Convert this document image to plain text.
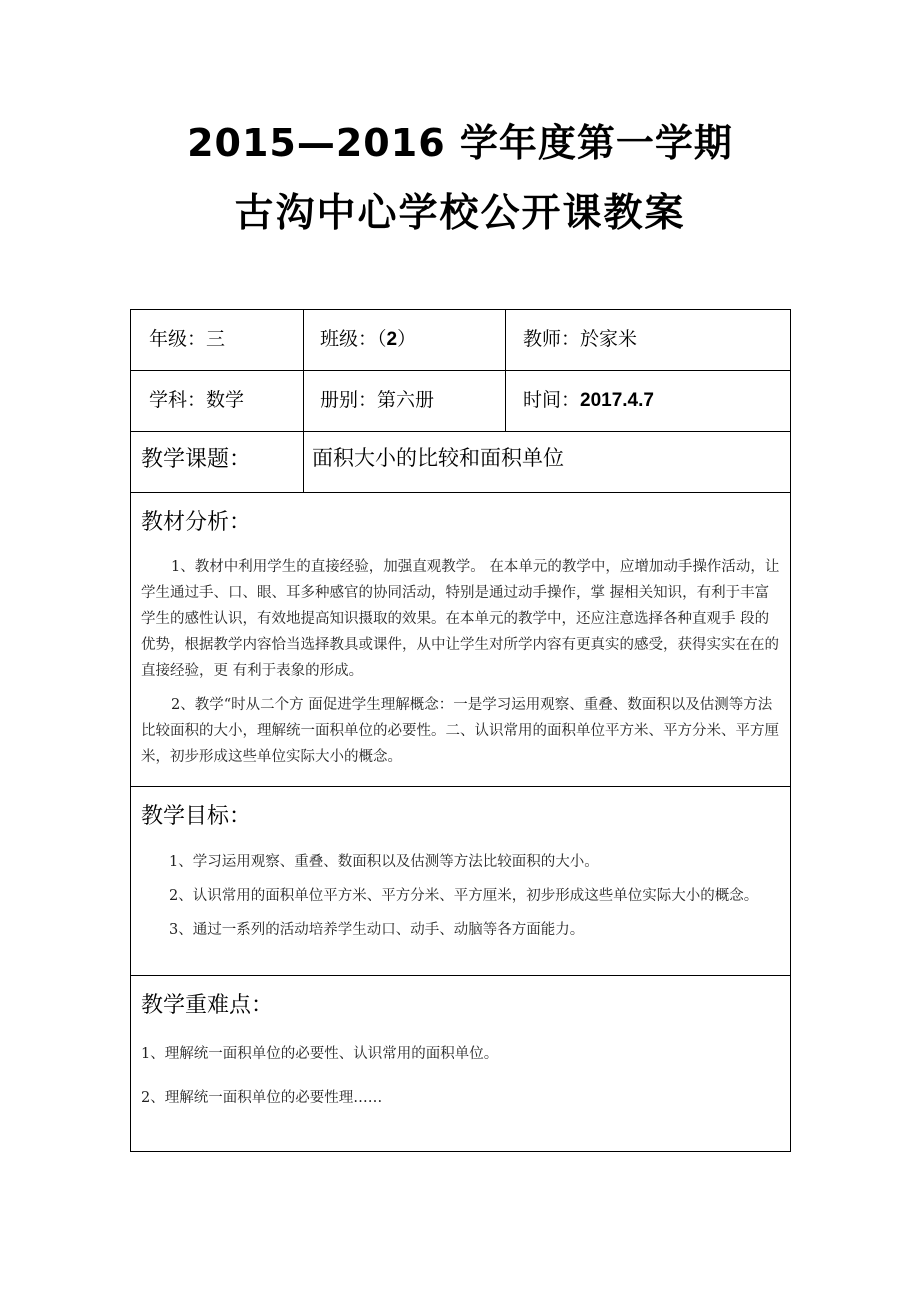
2015—2016 学年度第一学期
古沟中心学校公开课教案
年级：三	班级：（2）	教师：於家米

学科：数学	册别：第六册	时间：2017.4.7

教学课题：	面积大小的比较和面积单位	

教材分析：

1、教材中利用学生的直接经验，加强直观教学。 在本单元的教学中，应增加动手操作活动，让学生通过手、口、眼、耳多种感官的协同活动，特别是通过动手操作，掌 握相关知识，有利于丰富学生的感性认识，有效地提高知识摄取的效果。在本单元的教学中，还应注意选择各种直观手 段的优势，根据教学内容恰当选择教具或课件，从中让学生对所学内容有更真实的感受，获得实实在在的直接经验，更 有利于表象的形成。

2、教学“时从二个方 面促进学生理解概念：一是学习运用观察、重叠、数面积以及估测等方法比较面积的大小，理解统一面积单位的必要性。二、认识常用的面积单位平方米、平方分米、平方厘米，初步形成这些单位实际大小的概念。		

教学目标：

1、学习运用观察、重叠、数面积以及估测等方法比较面积的大小。

2、认识常用的面积单位平方米、平方分米、平方厘米，初步形成这些单位实际大小的概念。

3、通过一系列的活动培养学生动口、动手、动脑等各方面能力。		

教学重难点：

1、理解统一面积单位的必要性、认识常用的面积单位。

2、理解统一面积单位的必要性理……		
